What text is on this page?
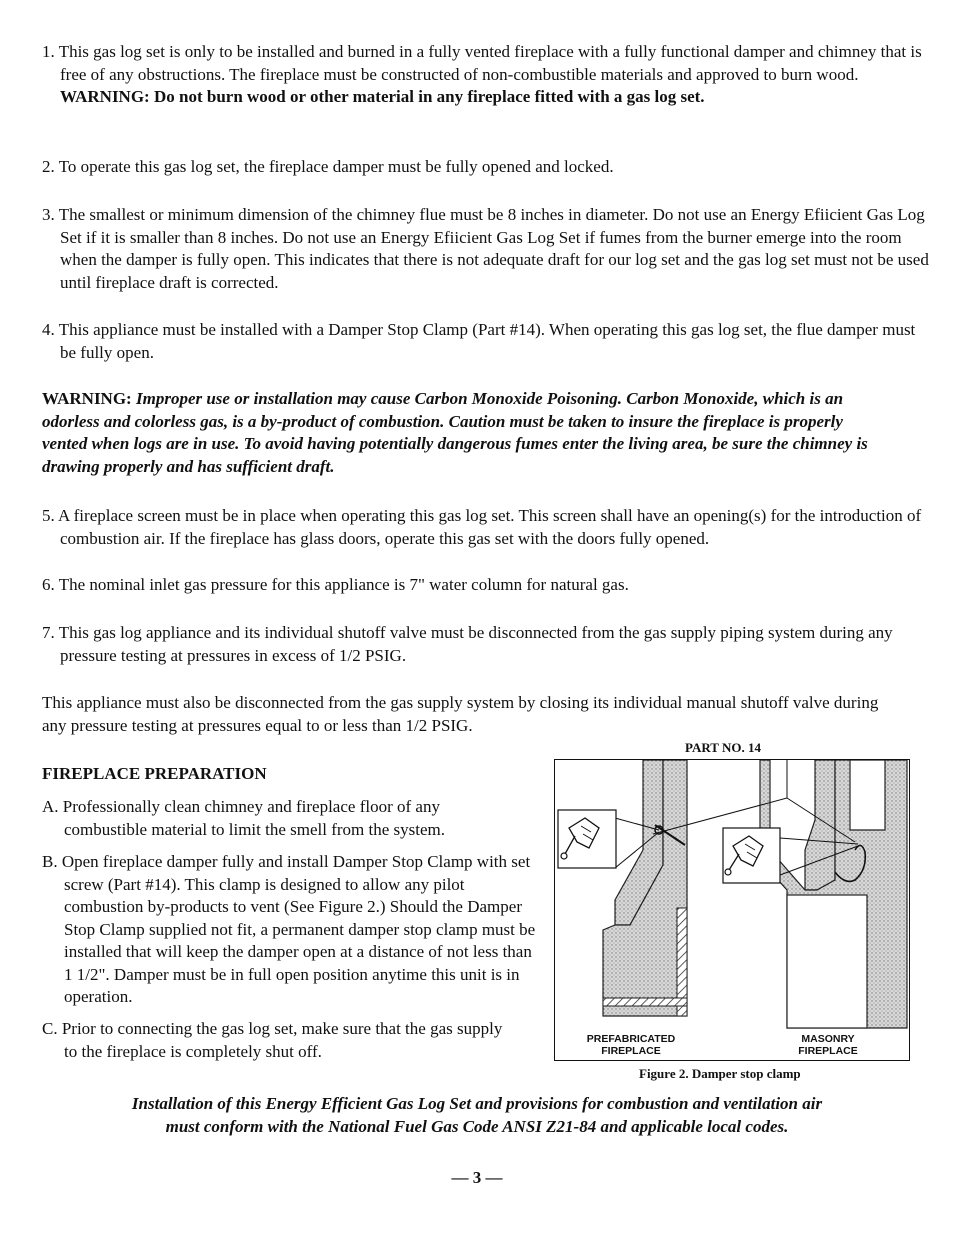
1. This gas log set is only to be installed and burned in a fully vented fireplace with a fully functional damper and chimney that is free of any obstructions. The fireplace must be constructed of non-combustible materials and approved to burn wood.
WARNING: Do not burn wood or other material in any fireplace fitted with a gas log set.
2. To operate this gas log set, the fireplace damper must be fully opened and locked.
3. The smallest or minimum dimension of the chimney flue must be 8 inches in diameter. Do not use an Energy Efiicient Gas Log Set if it is smaller than 8 inches. Do not use an Energy Efiicient Gas Log Set if fumes from the burner emerge into the room when the damper is fully open. This indicates that there is not adequate draft for our log set and the gas log set must not be used until fireplace draft is corrected.
4. This appliance must be installed with a Damper Stop Clamp (Part #14). When operating this gas log set, the flue damper must be fully open.
WARNING: Improper use or installation may cause Carbon Monoxide Poisoning. Carbon Monoxide, which is an odorless and colorless gas, is a by-product of combustion. Caution must be taken to insure the fireplace is properly vented when logs are in use. To avoid having potentially dangerous fumes enter the living area, be sure the chimney is drawing properly and has sufficient draft.
5. A fireplace screen must be in place when operating this gas log set. This screen shall have an opening(s) for the introduction of combustion air. If the fireplace has glass doors, operate this gas set with the doors fully opened.
6. The nominal inlet gas pressure for this appliance is 7" water column for natural gas.
7. This gas log appliance and its individual shutoff valve must be disconnected from the gas supply piping system during any pressure testing at pressures in excess of 1/2 PSIG.
This appliance must also be disconnected from the gas supply system by closing its individual manual shutoff valve during any pressure testing at pressures equal to or less than 1/2 PSIG.
FIREPLACE PREPARATION
A. Professionally clean chimney and fireplace floor of any combustible material to limit the smell from the system.
B. Open fireplace damper fully and install Damper Stop Clamp with set screw (Part #14). This clamp is designed to allow any pilot combustion by-products to vent (See Figure 2.) Should the Damper Stop Clamp supplied not fit, a permanent damper stop clamp must be installed that will keep the damper open at a distance of not less than 1 1/2". Damper must be in full open position anytime this unit is in operation.
C. Prior to connecting the gas log set, make sure that the gas supply to the fireplace is completely shut off.
PART NO. 14
PREFABRICATED
FIREPLACE
MASONRY
FIREPLACE
Figure 2. Damper stop clamp
Installation of this Energy Efficient Gas Log Set and provisions for combustion and ventilation air
must conform with the National Fuel Gas Code ANSI Z21-84 and applicable local codes.
— 3 —
